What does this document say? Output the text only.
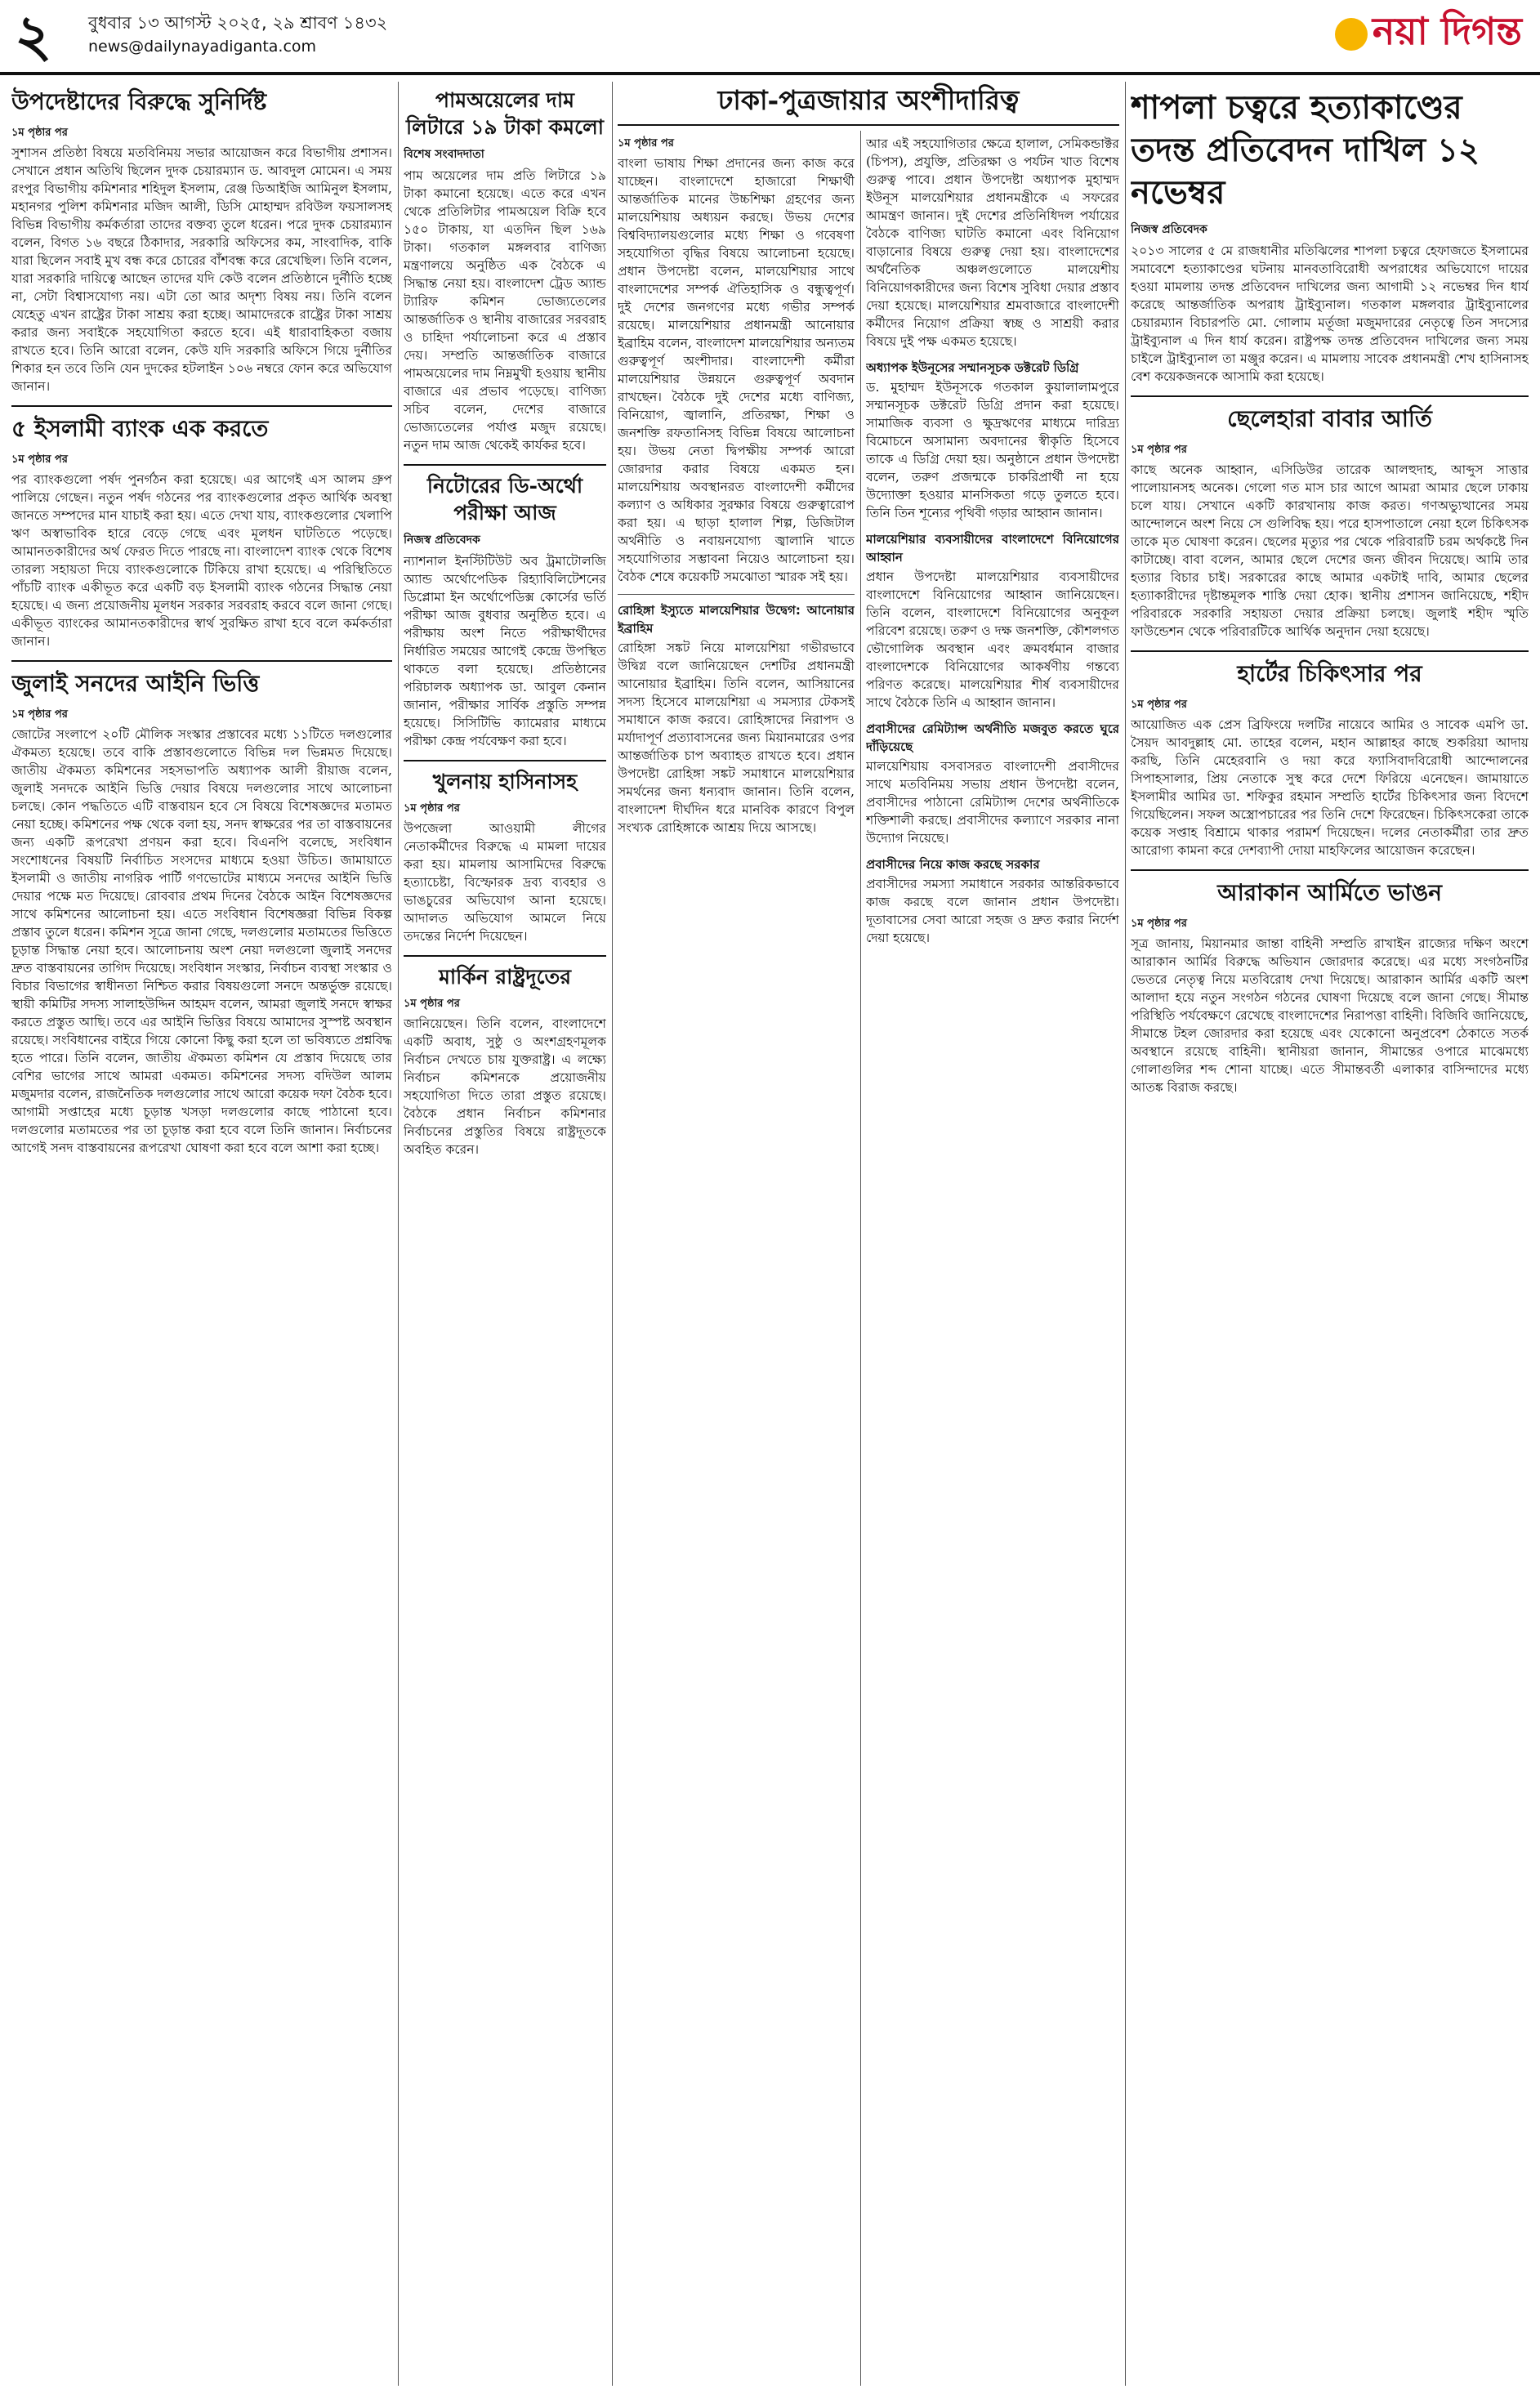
২ বুধবার ১৩ আগস্ট ২০২৫, ২৯ শ্রাবণ ১৪৩২
news@dailynayadiganta.com	নয়া দিগন্ত
উপদেষ্টাদের বিরুদ্ধে সুনির্দিষ্ট
১ম পৃষ্ঠার পর

সুশাসন প্রতিষ্ঠা বিষয়ে মতবিনিময় সভার আয়োজন করে বিভাগীয় প্রশাসন। সেখানে প্রধান অতিথি ছিলেন দুদক চেয়ারম্যান ড. আবদুল মোমেন। এ সময় রংপুর বিভাগীয় কমিশনার শহিদুল ইসলাম, রেঞ্জ ডিআইজি আমিনুল ইসলাম, মহানগর পুলিশ কমিশনার মজিদ আলী, ডিসি মোহাম্মদ রবিউল ফয়সালসহ বিভিন্ন বিভাগীয় কর্মকর্তারা তাদের বক্তব্য তুলে ধরেন। পরে দুদক চেয়ারম্যান বলেন, বিগত ১৬ বছরে ঠিকাদার, সরকারি অফিসের কম, সাংবাদিক, বাকি যারা ছিলেন সবাই মুখ বন্ধ করে চোরের বাঁশবন্ধ করে রেখেছিল। তিনি বলেন, যারা সরকারি দায়িত্বে আছেন তাদের যদি কেউ বলেন প্রতিষ্ঠানে দুর্নীতি হচ্ছে না, সেটা বিশ্বাসযোগ্য নয়। এটা তো আর অদৃশ্য বিষয় নয়। তিনি বলেন যেহেতু এখন রাষ্ট্রের টাকা সাশ্রয় করা হচ্ছে। আমাদেরকে রাষ্ট্রের টাকা সাশ্রয় করার জন্য সবাইকে সহযোগিতা করতে হবে। এই ধারাবাহিকতা বজায় রাখতে হবে। তিনি আরো বলেন, কেউ যদি সরকারি অফিসে গিয়ে দুর্নীতির শিকার হন তবে তিনি যেন দুদকের হটলাইন ১০৬ নম্বরে ফোন করে অভিযোগ জানান।

৫ ইসলামী ব্যাংক এক করতে
১ম পৃষ্ঠার পর

পর ব্যাংকগুলো পর্ষদ পুনর্গঠন করা হয়েছে। এর আগেই এস আলম গ্রুপ পালিয়ে গেছেন। নতুন পর্ষদ গঠনের পর ব্যাংকগুলোর প্রকৃত আর্থিক অবস্থা জানতে সম্পদের মান যাচাই করা হয়। এতে দেখা যায়, ব্যাংকগুলোর খেলাপি ঋণ অস্বাভাবিক হারে বেড়ে গেছে এবং মূলধন ঘাটতিতে পড়েছে। আমানতকারীদের অর্থ ফেরত দিতে পারছে না। বাংলাদেশ ব্যাংক থেকে বিশেষ তারল্য সহায়তা দিয়ে ব্যাংকগুলোকে টিকিয়ে রাখা হয়েছে। এ পরিস্থিতিতে পাঁচটি ব্যাংক একীভূত করে একটি বড় ইসলামী ব্যাংক গঠনের সিদ্ধান্ত নেয়া হয়েছে। এ জন্য প্রয়োজনীয় মূলধন সরকার সরবরাহ করবে বলে জানা গেছে। একীভূত ব্যাংকের আমানতকারীদের স্বার্থ সুরক্ষিত রাখা হবে বলে কর্মকর্তারা জানান।

জুলাই সনদের আইনি ভিত্তি
১ম পৃষ্ঠার পর

জোটের সংলাপে ২০টি মৌলিক সংস্কার প্রস্তাবের মধ্যে ১১টিতে দলগুলোর ঐকমত্য হয়েছে। তবে বাকি প্রস্তাবগুলোতে বিভিন্ন দল ভিন্নমত দিয়েছে। জাতীয় ঐকমত্য কমিশনের সহসভাপতি অধ্যাপক আলী রীয়াজ বলেন, জুলাই সনদকে আইনি ভিত্তি দেয়ার বিষয়ে দলগুলোর সাথে আলোচনা চলছে। কোন পদ্ধতিতে এটি বাস্তবায়ন হবে সে বিষয়ে বিশেষজ্ঞদের মতামত নেয়া হচ্ছে। কমিশনের পক্ষ থেকে বলা হয়, সনদ স্বাক্ষরের পর তা বাস্তবায়নের জন্য একটি রূপরেখা প্রণয়ন করা হবে। বিএনপি বলেছে, সংবিধান সংশোধনের বিষয়টি নির্বাচিত সংসদের মাধ্যমে হওয়া উচিত। জামায়াতে ইসলামী ও জাতীয় নাগরিক পার্টি গণভোটের মাধ্যমে সনদের আইনি ভিত্তি দেয়ার পক্ষে মত দিয়েছে। রোববার প্রথম দিনের বৈঠকে আইন বিশেষজ্ঞদের সাথে কমিশনের আলোচনা হয়। এতে সংবিধান বিশেষজ্ঞরা বিভিন্ন বিকল্প প্রস্তাব তুলে ধরেন। কমিশন সূত্রে জানা গেছে, দলগুলোর মতামতের ভিত্তিতে চূড়ান্ত সিদ্ধান্ত নেয়া হবে। আলোচনায় অংশ নেয়া দলগুলো জুলাই সনদের দ্রুত বাস্তবায়নের তাগিদ দিয়েছে। সংবিধান সংস্কার, নির্বাচন ব্যবস্থা সংস্কার ও বিচার বিভাগের স্বাধীনতা নিশ্চিত করার বিষয়গুলো সনদে অন্তর্ভুক্ত রয়েছে। স্থায়ী কমিটির সদস্য সালাহউদ্দিন আহমদ বলেন, আমরা জুলাই সনদে স্বাক্ষর করতে প্রস্তুত আছি। তবে এর আইনি ভিত্তির বিষয়ে আমাদের সুস্পষ্ট অবস্থান রয়েছে। সংবিধানের বাইরে গিয়ে কোনো কিছু করা হলে তা ভবিষ্যতে প্রশ্নবিদ্ধ হতে পারে। তিনি বলেন, জাতীয় ঐকমত্য কমিশন যে প্রস্তাব দিয়েছে তার বেশির ভাগের সাথে আমরা একমত। কমিশনের সদস্য বদিউল আলম মজুমদার বলেন, রাজনৈতিক দলগুলোর সাথে আরো কয়েক দফা বৈঠক হবে। আগামী সপ্তাহের মধ্যে চূড়ান্ত খসড়া দলগুলোর কাছে পাঠানো হবে। দলগুলোর মতামতের পর তা চূড়ান্ত করা হবে বলে তিনি জানান। নির্বাচনের আগেই সনদ বাস্তবায়নের রূপরেখা ঘোষণা করা হবে বলে আশা করা হচ্ছে।

পামঅয়েলের দাম লিটারে ১৯ টাকা কমলো
বিশেষ সংবাদদাতা

পাম অয়েলের দাম প্রতি লিটারে ১৯ টাকা কমানো হয়েছে। এতে করে এখন থেকে প্রতিলিটার পামঅয়েল বিক্রি হবে ১৫০ টাকায়, যা এতদিন ছিল ১৬৯ টাকা। গতকাল মঙ্গলবার বাণিজ্য মন্ত্রণালয়ে অনুষ্ঠিত এক বৈঠকে এ সিদ্ধান্ত নেয়া হয়। বাংলাদেশ ট্রেড অ্যান্ড ট্যারিফ কমিশন ভোজ্যতেলের আন্তর্জাতিক ও স্থানীয় বাজারের সরবরাহ ও চাহিদা পর্যালোচনা করে এ প্রস্তাব দেয়। সম্প্রতি আন্তর্জাতিক বাজারে পামঅয়েলের দাম নিম্নমুখী হওয়ায় স্থানীয় বাজারে এর প্রভাব পড়েছে। বাণিজ্য সচিব বলেন, দেশের বাজারে ভোজ্যতেলের পর্যাপ্ত মজুদ রয়েছে। নতুন দাম আজ থেকেই কার্যকর হবে।

নিটোরের ডি-অর্থো পরীক্ষা আজ
নিজস্ব প্রতিবেদক

ন্যাশনাল ইনস্টিটিউট অব ট্রমাটোলজি অ্যান্ড অর্থোপেডিক রিহ্যাবিলিটেশনের ডিপ্লোমা ইন অর্থোপেডিক্স কোর্সের ভর্তি পরীক্ষা আজ বুধবার অনুষ্ঠিত হবে। এ পরীক্ষায় অংশ নিতে পরীক্ষার্থীদের নির্ধারিত সময়ের আগেই কেন্দ্রে উপস্থিত থাকতে বলা হয়েছে। প্রতিষ্ঠানের পরিচালক অধ্যাপক ডা. আবুল কেনান জানান, পরীক্ষার সার্বিক প্রস্তুতি সম্পন্ন হয়েছে। সিসিটিভি ক্যামেরার মাধ্যমে পরীক্ষা কেন্দ্র পর্যবেক্ষণ করা হবে।

খুলনায় হাসিনাসহ
১ম পৃষ্ঠার পর

উপজেলা আওয়ামী লীগের নেতাকর্মীদের বিরুদ্ধে এ মামলা দায়ের করা হয়। মামলায় আসামিদের বিরুদ্ধে হত্যাচেষ্টা, বিস্ফোরক দ্রব্য ব্যবহার ও ভাঙচুরের অভিযোগ আনা হয়েছে। আদালত অভিযোগ আমলে নিয়ে তদন্তের নির্দেশ দিয়েছেন।

মার্কিন রাষ্ট্রদূতের
১ম পৃষ্ঠার পর

জানিয়েছেন। তিনি বলেন, বাংলাদেশে একটি অবাধ, সুষ্ঠু ও অংশগ্রহণমূলক নির্বাচন দেখতে চায় যুক্তরাষ্ট্র। এ লক্ষ্যে নির্বাচন কমিশনকে প্রয়োজনীয় সহযোগিতা দিতে তারা প্রস্তুত রয়েছে। বৈঠকে প্রধান নির্বাচন কমিশনার নির্বাচনের প্রস্তুতির বিষয়ে রাষ্ট্রদূতকে অবহিত করেন।

ঢাকা-পুত্রজায়ার অংশীদারিত্ব
১ম পৃষ্ঠার পর

বাংলা ভাষায় শিক্ষা প্রদানের জন্য কাজ করে যাচ্ছেন। বাংলাদেশে হাজারো শিক্ষার্থী আন্তর্জাতিক মানের উচ্চশিক্ষা গ্রহণের জন্য মালয়েশিয়ায় অধ্যয়ন করছে। উভয় দেশের বিশ্ববিদ্যালয়গুলোর মধ্যে শিক্ষা ও গবেষণা সহযোগিতা বৃদ্ধির বিষয়ে আলোচনা হয়েছে। প্রধান উপদেষ্টা বলেন, মালয়েশিয়ার সাথে বাংলাদেশের সম্পর্ক ঐতিহাসিক ও বন্ধুত্বপূর্ণ। দুই দেশের জনগণের মধ্যে গভীর সম্পর্ক রয়েছে। মালয়েশিয়ার প্রধানমন্ত্রী আনোয়ার ইব্রাহিম বলেন, বাংলাদেশ মালয়েশিয়ার অন্যতম গুরুত্বপূর্ণ অংশীদার। বাংলাদেশী কর্মীরা মালয়েশিয়ার উন্নয়নে গুরুত্বপূর্ণ অবদান রাখছেন। বৈঠকে দুই দেশের মধ্যে বাণিজ্য, বিনিয়োগ, জ্বালানি, প্রতিরক্ষা, শিক্ষা ও জনশক্তি রফতানিসহ বিভিন্ন বিষয়ে আলোচনা হয়। উভয় নেতা দ্বিপক্ষীয় সম্পর্ক আরো জোরদার করার বিষয়ে একমত হন। মালয়েশিয়ায় অবস্থানরত বাংলাদেশী কর্মীদের কল্যাণ ও অধিকার সুরক্ষার বিষয়ে গুরুত্বারোপ করা হয়। এ ছাড়া হালাল শিল্প, ডিজিটাল অর্থনীতি ও নবায়নযোগ্য জ্বালানি খাতে সহযোগিতার সম্ভাবনা নিয়েও আলোচনা হয়। বৈঠক শেষে কয়েকটি সমঝোতা স্মারক সই হয়।

রোহিঙ্গা ইস্যুতে মালয়েশিয়ার উদ্বেগ: আনোয়ার ইব্রাহিম

রোহিঙ্গা সঙ্কট নিয়ে মালয়েশিয়া গভীরভাবে উদ্বিগ্ন বলে জানিয়েছেন দেশটির প্রধানমন্ত্রী আনোয়ার ইব্রাহিম। তিনি বলেন, আসিয়ানের সদস্য হিসেবে মালয়েশিয়া এ সমস্যার টেকসই সমাধানে কাজ করবে। রোহিঙ্গাদের নিরাপদ ও মর্যাদাপূর্ণ প্রত্যাবাসনের জন্য মিয়ানমারের ওপর আন্তর্জাতিক চাপ অব্যাহত রাখতে হবে। প্রধান উপদেষ্টা রোহিঙ্গা সঙ্কট সমাধানে মালয়েশিয়ার সমর্থনের জন্য ধন্যবাদ জানান। তিনি বলেন, বাংলাদেশ দীর্ঘদিন ধরে মানবিক কারণে বিপুল সংখ্যক রোহিঙ্গাকে আশ্রয় দিয়ে আসছে।

আর এই সহযোগিতার ক্ষেত্রে হালাল, সেমিকন্ডাক্টর (চিপস), প্রযুক্তি, প্রতিরক্ষা ও পর্যটন খাত বিশেষ গুরুত্ব পাবে। প্রধান উপদেষ্টা অধ্যাপক মুহাম্মদ ইউনূস মালয়েশিয়ার প্রধানমন্ত্রীকে এ সফরের আমন্ত্রণ জানান। দুই দেশের প্রতিনিধিদল পর্যায়ের বৈঠকে বাণিজ্য ঘাটতি কমানো এবং বিনিয়োগ বাড়ানোর বিষয়ে গুরুত্ব দেয়া হয়। বাংলাদেশের অর্থনৈতিক অঞ্চলগুলোতে মালয়েশীয় বিনিয়োগকারীদের জন্য বিশেষ সুবিধা দেয়ার প্রস্তাব দেয়া হয়েছে। মালয়েশিয়ার শ্রমবাজারে বাংলাদেশী কর্মীদের নিয়োগ প্রক্রিয়া স্বচ্ছ ও সাশ্রয়ী করার বিষয়ে দুই পক্ষ একমত হয়েছে।

অধ্যাপক ইউনূসের সম্মানসূচক ডক্টরেট ডিগ্রি

ড. মুহাম্মদ ইউনূসকে গতকাল কুয়ালালামপুরে সম্মানসূচক ডক্টরেট ডিগ্রি প্রদান করা হয়েছে। সামাজিক ব্যবসা ও ক্ষুদ্রঋণের মাধ্যমে দারিদ্র্য বিমোচনে অসামান্য অবদানের স্বীকৃতি হিসেবে তাকে এ ডিগ্রি দেয়া হয়। অনুষ্ঠানে প্রধান উপদেষ্টা বলেন, তরুণ প্রজন্মকে চাকরিপ্রার্থী না হয়ে উদ্যোক্তা হওয়ার মানসিকতা গড়ে তুলতে হবে। তিনি তিন শূন্যের পৃথিবী গড়ার আহ্বান জানান।

মালয়েশিয়ার ব্যবসায়ীদের বাংলাদেশে বিনিয়োগের আহ্বান

প্রধান উপদেষ্টা মালয়েশিয়ার ব্যবসায়ীদের বাংলাদেশে বিনিয়োগের আহ্বান জানিয়েছেন। তিনি বলেন, বাংলাদেশে বিনিয়োগের অনুকূল পরিবেশ রয়েছে। তরুণ ও দক্ষ জনশক্তি, কৌশলগত ভৌগোলিক অবস্থান এবং ক্রমবর্ধমান বাজার বাংলাদেশকে বিনিয়োগের আকর্ষণীয় গন্তব্যে পরিণত করেছে। মালয়েশিয়ার শীর্ষ ব্যবসায়ীদের সাথে বৈঠকে তিনি এ আহ্বান জানান।

প্রবাসীদের রেমিট্যান্স অর্থনীতি মজবুত করতে ঘুরে দাঁড়িয়েছে

মালয়েশিয়ায় বসবাসরত বাংলাদেশী প্রবাসীদের সাথে মতবিনিময় সভায় প্রধান উপদেষ্টা বলেন, প্রবাসীদের পাঠানো রেমিট্যান্স দেশের অর্থনীতিকে শক্তিশালী করছে। প্রবাসীদের কল্যাণে সরকার নানা উদ্যোগ নিয়েছে।

প্রবাসীদের নিয়ে কাজ করছে সরকার

প্রবাসীদের সমস্যা সমাধানে সরকার আন্তরিকভাবে কাজ করছে বলে জানান প্রধান উপদেষ্টা। দূতাবাসের সেবা আরো সহজ ও দ্রুত করার নির্দেশ দেয়া হয়েছে।

শাপলা চত্বরে হত্যাকাণ্ডের তদন্ত প্রতিবেদন দাখিল ১২ নভেম্বর
নিজস্ব প্রতিবেদক

২০১৩ সালের ৫ মে রাজধানীর মতিঝিলের শাপলা চত্বরে হেফাজতে ইসলামের সমাবেশে হত্যাকাণ্ডের ঘটনায় মানবতাবিরোধী অপরাধের অভিযোগে দায়ের হওয়া মামলায় তদন্ত প্রতিবেদন দাখিলের জন্য আগামী ১২ নভেম্বর দিন ধার্য করেছে আন্তর্জাতিক অপরাধ ট্রাইব্যুনাল। গতকাল মঙ্গলবার ট্রাইব্যুনালের চেয়ারম্যান বিচারপতি মো. গোলাম মর্তূজা মজুমদারের নেতৃত্বে তিন সদস্যের ট্রাইব্যুনাল এ দিন ধার্য করেন। রাষ্ট্রপক্ষ তদন্ত প্রতিবেদন দাখিলের জন্য সময় চাইলে ট্রাইব্যুনাল তা মঞ্জুর করেন। এ মামলায় সাবেক প্রধানমন্ত্রী শেখ হাসিনাসহ বেশ কয়েকজনকে আসামি করা হয়েছে।

ছেলেহারা বাবার আর্তি
১ম পৃষ্ঠার পর

কাছে অনেক আহ্বান, এসিডিউর তারেক আলহুদাহ, আব্দুস সাত্তার পালোয়ানসহ অনেক। গেলো গত মাস চার আগে আমরা আমার ছেলে ঢাকায় চলে যায়। সেখানে একটি কারখানায় কাজ করত। গণঅভ্যুত্থানের সময় আন্দোলনে অংশ নিয়ে সে গুলিবিদ্ধ হয়। পরে হাসপাতালে নেয়া হলে চিকিৎসক তাকে মৃত ঘোষণা করেন। ছেলের মৃত্যুর পর থেকে পরিবারটি চরম অর্থকষ্টে দিন কাটাচ্ছে। বাবা বলেন, আমার ছেলে দেশের জন্য জীবন দিয়েছে। আমি তার হত্যার বিচার চাই। সরকারের কাছে আমার একটাই দাবি, আমার ছেলের হত্যাকারীদের দৃষ্টান্তমূলক শাস্তি দেয়া হোক। স্থানীয় প্রশাসন জানিয়েছে, শহীদ পরিবারকে সরকারি সহায়তা দেয়ার প্রক্রিয়া চলছে। জুলাই শহীদ স্মৃতি ফাউন্ডেশন থেকে পরিবারটিকে আর্থিক অনুদান দেয়া হয়েছে।

হার্টের চিকিৎসার পর
১ম পৃষ্ঠার পর

আয়োজিত এক প্রেস ব্রিফিংয়ে দলটির নায়েবে আমির ও সাবেক এমপি ডা. সৈয়দ আবদুল্লাহ মো. তাহের বলেন, মহান আল্লাহর কাছে শুকরিয়া আদায় করছি, তিনি মেহেরবানি ও দয়া করে ফ্যাসিবাদবিরোধী আন্দোলনের সিপাহসালার, প্রিয় নেতাকে সুস্থ করে দেশে ফিরিয়ে এনেছেন। জামায়াতে ইসলামীর আমির ডা. শফিকুর রহমান সম্প্রতি হার্টের চিকিৎসার জন্য বিদেশে গিয়েছিলেন। সফল অস্ত্রোপচারের পর তিনি দেশে ফিরেছেন। চিকিৎসকেরা তাকে কয়েক সপ্তাহ বিশ্রামে থাকার পরামর্শ দিয়েছেন। দলের নেতাকর্মীরা তার দ্রুত আরোগ্য কামনা করে দেশব্যাপী দোয়া মাহফিলের আয়োজন করেছেন।

আরাকান আর্মিতে ভাঙন
১ম পৃষ্ঠার পর

সূত্র জানায়, মিয়ানমার জান্তা বাহিনী সম্প্রতি রাখাইন রাজ্যের দক্ষিণ অংশে আরাকান আর্মির বিরুদ্ধে অভিযান জোরদার করেছে। এর মধ্যে সংগঠনটির ভেতরে নেতৃত্ব নিয়ে মতবিরোধ দেখা দিয়েছে। আরাকান আর্মির একটি অংশ আলাদা হয়ে নতুন সংগঠন গঠনের ঘোষণা দিয়েছে বলে জানা গেছে। সীমান্ত পরিস্থিতি পর্যবেক্ষণে রেখেছে বাংলাদেশের নিরাপত্তা বাহিনী। বিজিবি জানিয়েছে, সীমান্তে টহল জোরদার করা হয়েছে এবং যেকোনো অনুপ্রবেশ ঠেকাতে সতর্ক অবস্থানে রয়েছে বাহিনী। স্থানীয়রা জানান, সীমান্তের ওপারে মাঝেমধ্যে গোলাগুলির শব্দ শোনা যাচ্ছে। এতে সীমান্তবর্তী এলাকার বাসিন্দাদের মধ্যে আতঙ্ক বিরাজ করছে।
